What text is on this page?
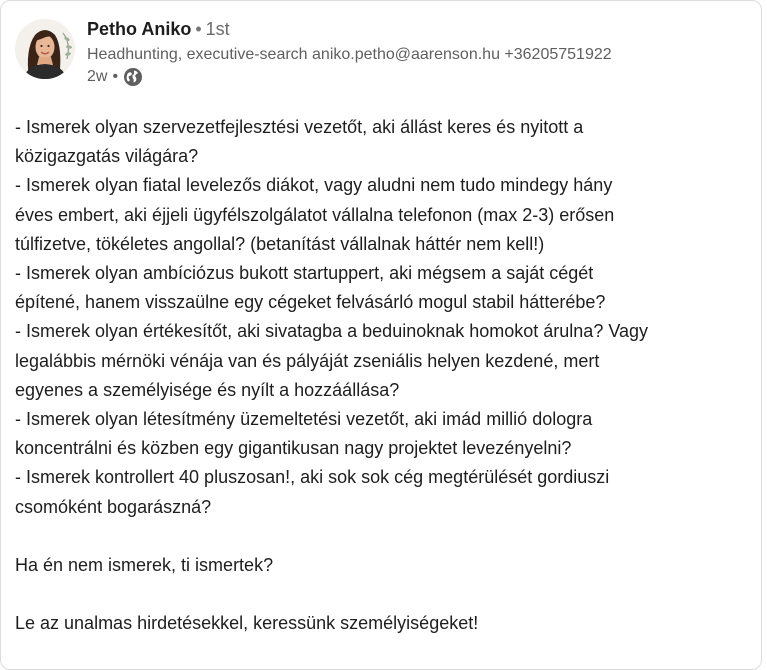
Petho Aniko • 1st
Headhunting, executive-search aniko.petho@aarenson.hu +36205751922
2w •
- Ismerek olyan szervezetfejlesztési vezetőt, aki állást keres és nyitott a
közigazgatás világára?
- Ismerek olyan fiatal levelezős diákot, vagy aludni nem tudo mindegy hány
éves embert, aki éjjeli ügyfélszolgálatot vállalna telefonon (max 2-3) erősen
túlfizetve, tökéletes angollal? (betanítást vállalnak háttér nem kell!)
- Ismerek olyan ambíciózus bukott startuppert, aki mégsem a saját cégét
építené, hanem visszaülne egy cégeket felvásárló mogul stabil hátterébe?
- Ismerek olyan értékesítőt, aki sivatagba a beduinoknak homokot árulna? Vagy
legalábbis mérnöki vénája van és pályáját zseniális helyen kezdené, mert
egyenes a személyisége és nyílt a hozzáállása?
- Ismerek olyan létesítmény üzemeltetési vezetőt, aki imád millió dologra
koncentrálni és közben egy gigantikusan nagy projektet levezényelni?
- Ismerek kontrollert 40 pluszosan!, aki sok sok cég megtérülését gordiuszi
csomóként bogarászná?
Ha én nem ismerek, ti ismertek?
Le az unalmas hirdetésekkel, keressünk személyiségeket!
